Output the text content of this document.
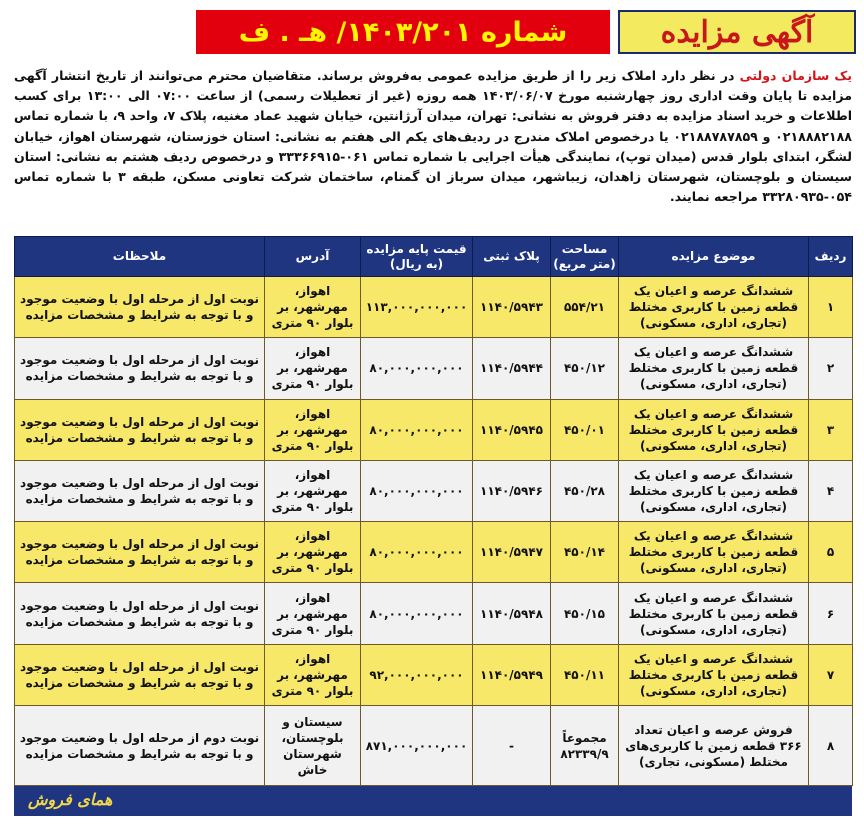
آگهی مزایده
شماره ۱۴۰۳/۲۰۱/ هـ . ف
یک سازمان دولتی در نظر دارد املاک زیر را از طریق مزایده عمومی به‌فروش برساند. متقاضیان محترم می‌توانند از تاریخ انتشار آگهی مزایده تا پایان وقت اداری روز چهارشنبه مورخ ۱۴۰۳/۰۶/۰۷ همه روزه (غیر از تعطیلات رسمی) از ساعت ۰۷:۰۰ الی ۱۳:۰۰ برای کسب اطلاعات و خرید اسناد مزایده به دفتر فروش به نشانی: تهران، میدان آرژانتین، خیابان شهید عماد مغنیه، پلاک ۷، واحد ۹، با شماره تماس ۰۲۱۸۸۸۲۱۸۸ و ۰۲۱۸۸۷۸۷۸۵۹ یا درخصوص املاک مندرج در ردیف‌های یکم الی هفتم به نشانی: استان خوزستان، شهرستان اهواز، خیابان لشگر، ابتدای بلوار قدس (میدان توپ)، نمایندگی هیأت اجرایی با شماره تماس ۰۶۱-۳۳۳۶۶۹۱۵ و درخصوص ردیف هشتم به نشانی: استان سیستان و بلوچستان، شهرستان زاهدان، زیباشهر، میدان سرباز ان گمنام، ساختمان شرکت تعاونی مسکن، طبقه ۳ با شماره تماس ۰۵۴-۳۳۲۸۰۹۳۵ مراجعه نمایند.
ردیف	موضوع مزایده	مساحت (متر مربع)	پلاک ثبتی	قیمت پایه مزایده (به ریال)	آدرس	ملاحظات
۱	ششدانگ عرصه و اعیان یک قطعه زمین با کاربری مختلط (تجاری، اداری، مسکونی)	۵۵۴/۲۱	۱۱۴۰/۵۹۴۳	۱۱۳,۰۰۰,۰۰۰,۰۰۰	اهواز، مهرشهر، بر بلوار ۹۰ متری	نوبت اول از مرحله اول با وضعیت موجود و با توجه به شرایط و مشخصات مزایده
۲	ششدانگ عرصه و اعیان یک قطعه زمین با کاربری مختلط (تجاری، اداری، مسکونی)	۴۵۰/۱۲	۱۱۴۰/۵۹۴۴	۸۰,۰۰۰,۰۰۰,۰۰۰	اهواز، مهرشهر، بر بلوار ۹۰ متری	نوبت اول از مرحله اول با وضعیت موجود و با توجه به شرایط و مشخصات مزایده
۳	ششدانگ عرصه و اعیان یک قطعه زمین با کاربری مختلط (تجاری، اداری، مسکونی)	۴۵۰/۰۱	۱۱۴۰/۵۹۴۵	۸۰,۰۰۰,۰۰۰,۰۰۰	اهواز، مهرشهر، بر بلوار ۹۰ متری	نوبت اول از مرحله اول با وضعیت موجود و با توجه به شرایط و مشخصات مزایده
۴	ششدانگ عرصه و اعیان یک قطعه زمین با کاربری مختلط (تجاری، اداری، مسکونی)	۴۵۰/۲۸	۱۱۴۰/۵۹۴۶	۸۰,۰۰۰,۰۰۰,۰۰۰	اهواز، مهرشهر، بر بلوار ۹۰ متری	نوبت اول از مرحله اول با وضعیت موجود و با توجه به شرایط و مشخصات مزایده
۵	ششدانگ عرصه و اعیان یک قطعه زمین با کاربری مختلط (تجاری، اداری، مسکونی)	۴۵۰/۱۴	۱۱۴۰/۵۹۴۷	۸۰,۰۰۰,۰۰۰,۰۰۰	اهواز، مهرشهر، بر بلوار ۹۰ متری	نوبت اول از مرحله اول با وضعیت موجود و با توجه به شرایط و مشخصات مزایده
۶	ششدانگ عرصه و اعیان یک قطعه زمین با کاربری مختلط (تجاری، اداری، مسکونی)	۴۵۰/۱۵	۱۱۴۰/۵۹۴۸	۸۰,۰۰۰,۰۰۰,۰۰۰	اهواز، مهرشهر، بر بلوار ۹۰ متری	نوبت اول از مرحله اول با وضعیت موجود و با توجه به شرایط و مشخصات مزایده
۷	ششدانگ عرصه و اعیان یک قطعه زمین با کاربری مختلط (تجاری، اداری، مسکونی)	۴۵۰/۱۱	۱۱۴۰/۵۹۴۹	۹۲,۰۰۰,۰۰۰,۰۰۰	اهواز، مهرشهر، بر بلوار ۹۰ متری	نوبت اول از مرحله اول با وضعیت موجود و با توجه به شرایط و مشخصات مزایده
۸	فروش عرصه و اعیان تعداد ۳۶۶ قطعه زمین با کاربری‌های مختلط (مسکونی، تجاری)	مجموعاً ۸۲۳۳۹/۹	-	۸۷۱,۰۰۰,۰۰۰,۰۰۰	سیستان و بلوچستان، شهرستان خاش	نوبت دوم از مرحله اول با وضعیت موجود و با توجه به شرایط و مشخصات مزایده
همای فروش
